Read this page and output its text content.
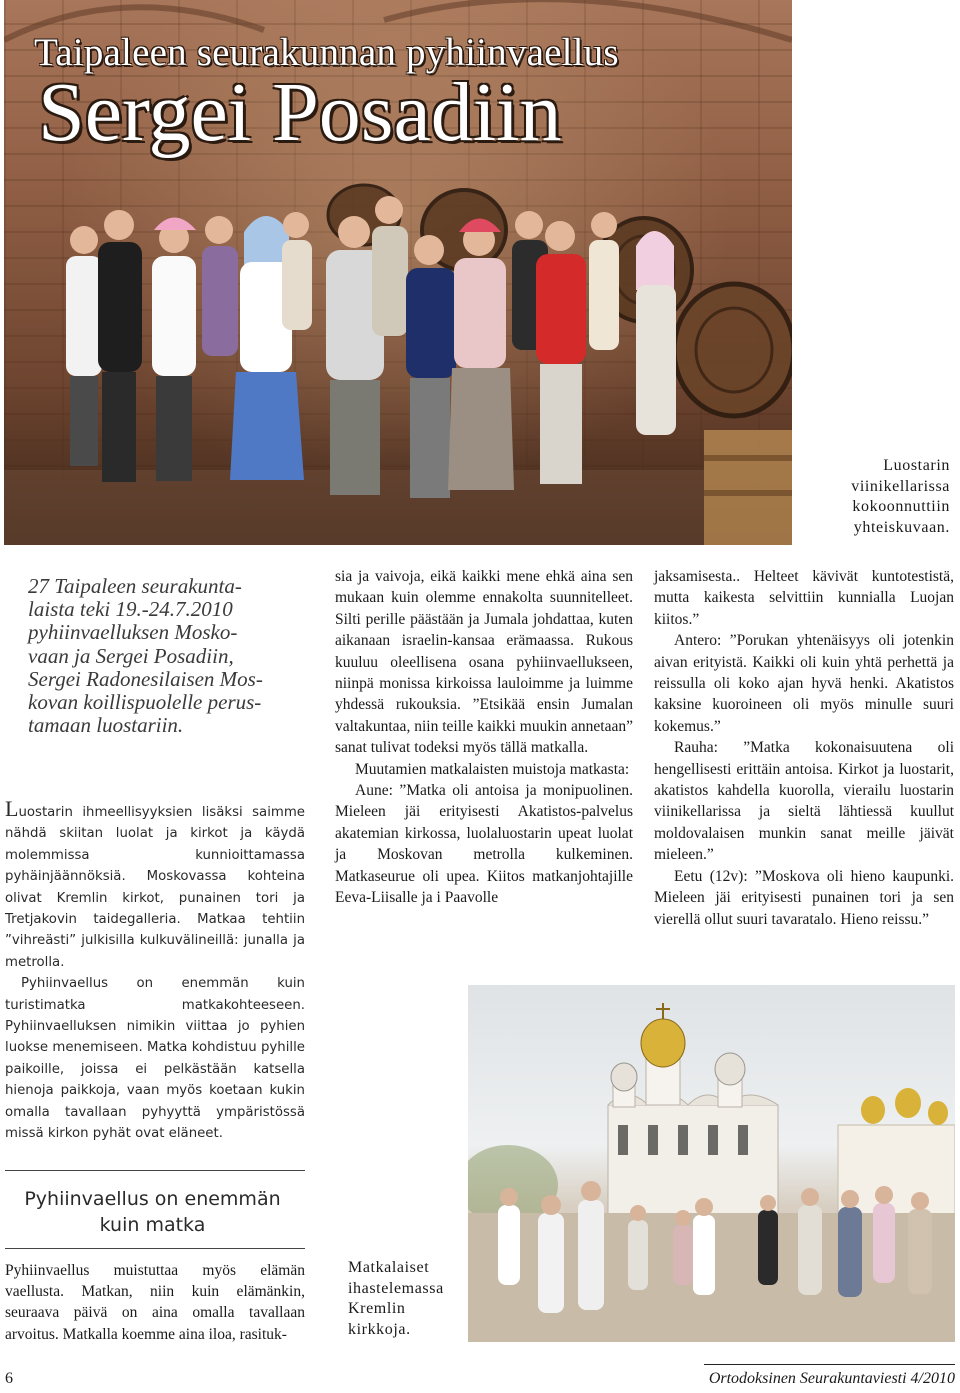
Taipaleen seurakunnan pyhiinvaellus
Sergei Posadiin
Luostarin
viinikellarissa
kokoonnuttiin
yhteiskuvaan.
27 Taipaleen seurakunta-
laista teki 19.-24.7.2010
pyhiinvaelluksen Mosko-
vaan ja Sergei Posadiin,
Sergei Radonesilaisen Mos-
kovan koillispuolelle perus-
tamaan luostariin.

Luostarin ihmeellisyyksien lisäksi saimme nähdä skiitan luolat ja kirkot ja käydä molemmissa kunnioittamassa pyhäinjäännöksiä. Moskovassa kohteina olivat Kremlin kirkot, punainen tori ja Tretjakovin taidegalleria. Matkaa tehtiin ”vihreästi” julkisilla kulkuvälineillä: junalla ja metrolla.

Pyhiinvaellus on enemmän kuin turistimatka matkakohteeseen. Pyhiinvaelluksen nimikin viittaa jo pyhien luokse menemiseen. Matka kohdistuu pyhille paikoille, joissa ei pelkästään katsella hienoja paikkoja, vaan myös koetaan kukin omalla tavallaan pyhyyttä ympäristössä missä kirkon pyhät ovat eläneet.

Pyhiinvaellus on enemmän
kuin matka

Pyhiinvaellus muistuttaa myös elämän vaellusta. Matkan, niin kuin elämänkin, seuraava päivä on aina omalla tavallaan arvoitus. Matkalla koemme aina iloa, rasituk-

sia ja vaivoja, eikä kaikki mene ehkä aina sen mukaan kuin olemme ennakolta suunnitelleet. Silti perille päästään ja Jumala johdattaa, kuten aikanaan israelin-kansaa erämaassa. Rukous kuuluu oleellisena osana pyhiinvaellukseen, niinpä monissa kirkoissa lauloimme ja luimme yhdessä rukouksia. ”Etsikää ensin Jumalan valtakuntaa, niin teille kaikki muukin annetaan” sanat tulivat todeksi myös tällä matkalla.

Muutamien matkalaisten muistoja matkasta:

Aune: ”Matka oli antoisa ja monipuolinen. Mieleen jäi erityisesti Akatistos-palvelus akatemian kirkossa, luolaluostarin upeat luolat ja Moskovan metrolla kulkeminen. Matkaseurue oli upea. Kiitos matkanjohtajille Eeva-Liisalle ja i Paavolle

jaksamisesta.. Helteet kävivät kuntotestistä, mutta kaikesta selvittiin kunnialla Luojan kiitos.”

Antero: ”Porukan yhtenäisyys oli jotenkin aivan erityistä. Kaikki oli kuin yhtä perhettä ja reissulla oli koko ajan hyvä henki. Akatistos kaksine kuoroineen oli myös minulle suuri kokemus.”

Rauha: ”Matka kokonaisuutena oli hengellisesti erittäin antoisa. Kirkot ja luostarit, akatistos kahdella kuorolla, vierailu luostarin viinikellarissa ja sieltä lähtiessä kuullut moldovalaisen munkin sanat meille jäivät mieleen.”

Eetu (12v): ”Moskova oli hieno kaupunki. Mieleen jäi erityisesti punainen tori ja sen vierellä ollut suuri tavaratalo. Hieno reissu.”

Matkalaiset
ihastelemassa
Kremlin
kirkkoja.
6	Ortodoksinen Seurakuntaviesti 4/2010
